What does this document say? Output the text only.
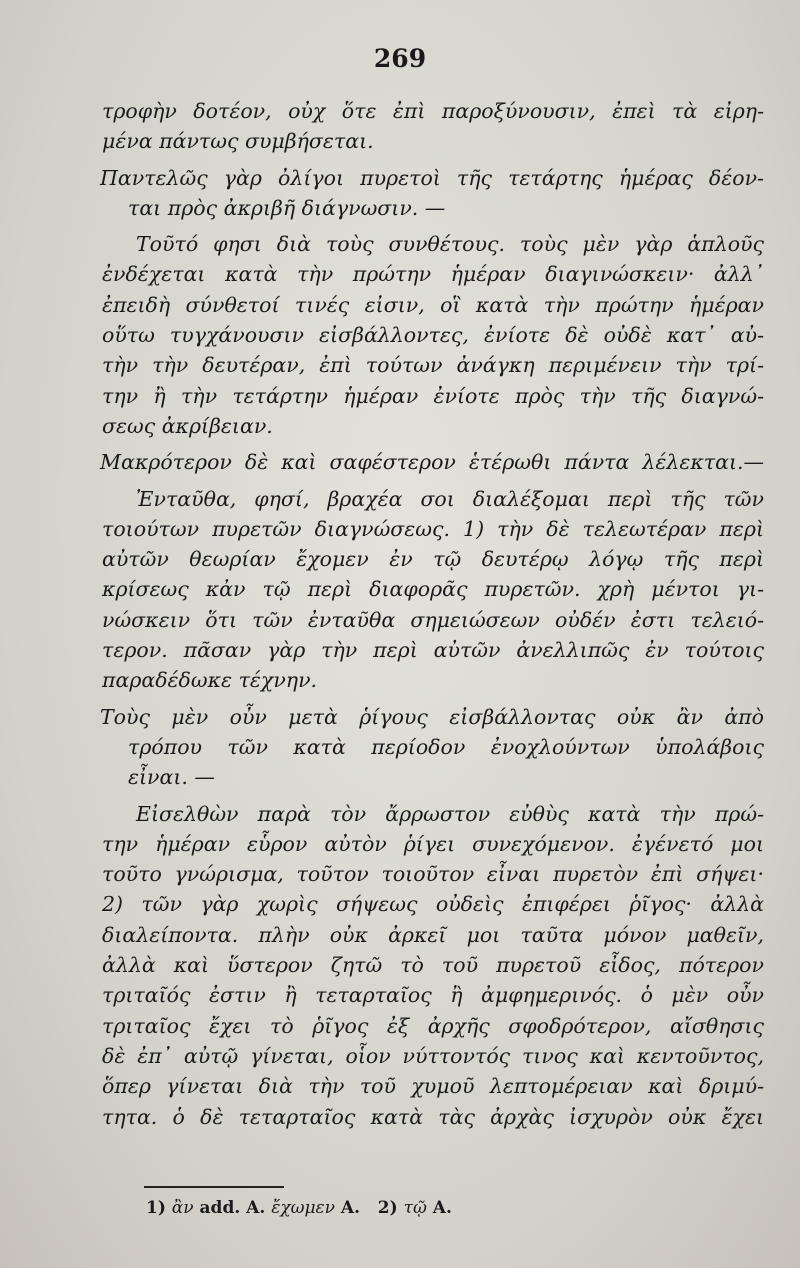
269
τροφὴν δοτέον, οὐχ ὅτε ἐπὶ παροξύνουσιν, ἐπεὶ τὰ εἰρη-
μένα πάντως συμβήσεται.
Παντελῶς γὰρ ὀλίγοι πυρετοὶ τῆς τετάρτης ἡμέρας δέον-
ται πρὸς ἀκριβῆ διάγνωσιν. —
Τοῦτό φησι διὰ τοὺς συνθέτους. τοὺς μὲν γὰρ ἁπλοῦς
ἐνδέχεται κατὰ τὴν πρώτην ἡμέραν διαγινώσκειν· ἀλλ᾽
ἐπειδὴ σύνθετοί τινές εἰσιν, οἳ κατὰ τὴν πρώτην ἡμέραν
οὕτω τυγχάνουσιν εἰσβάλλοντες, ἐνίοτε δὲ οὐδὲ κατ᾽ αὐ-
τὴν τὴν δευτέραν, ἐπὶ τούτων ἀνάγκη περιμένειν τὴν τρί-
την ἢ τὴν τετάρτην ἡμέραν ἐνίοτε πρὸς τὴν τῆς διαγνώ-
σεως ἀκρίβειαν.
Μακρότερον δὲ καὶ σαφέστερον ἑτέρωθι πάντα λέλεκται.—
Ἐνταῦθα, φησί, βραχέα σοι διαλέξομαι περὶ τῆς τῶν
τοιούτων πυρετῶν διαγνώσεως. 1) τὴν δὲ τελεωτέραν περὶ
αὐτῶν θεωρίαν ἔχομεν ἐν τῷ δευτέρῳ λόγῳ τῆς περὶ
κρίσεως κἀν τῷ περὶ διαφορᾶς πυρετῶν. χρὴ μέντοι γι-
νώσκειν ὅτι τῶν ἐνταῦθα σημειώσεων οὐδέν ἐστι τελειό-
τερον. πᾶσαν γὰρ τὴν περὶ αὐτῶν ἀνελλιπῶς ἐν τούτοις
παραδέδωκε τέχνην.
Τοὺς μὲν οὖν μετὰ ῥίγους εἰσβάλλοντας οὐκ ἂν ἀπὸ
τρόπου τῶν κατὰ περίοδον ἐνοχλούντων ὑπολάβοις
εἶναι. —
Εἰσελθὼν παρὰ τὸν ἄρρωστον εὐθὺς κατὰ τὴν πρώ-
την ἡμέραν εὗρον αὐτὸν ῥίγει συνεχόμενον. ἐγένετό μοι
τοῦτο γνώρισμα, τοῦτον τοιοῦτον εἶναι πυρετὸν ἐπὶ σήψει·
2) τῶν γὰρ χωρὶς σήψεως οὐδεὶς ἐπιφέρει ῥῖγος· ἀλλὰ
διαλείποντα. πλὴν οὐκ ἀρκεῖ μοι ταῦτα μόνον μαθεῖν,
ἀλλὰ καὶ ὕστερον ζητῶ τὸ τοῦ πυρετοῦ εἶδος, πότερον
τριταῖός ἐστιν ἢ τεταρταῖος ἢ ἀμφημερινός. ὁ μὲν οὖν
τριταῖος ἔχει τὸ ῥῖγος ἐξ ἀρχῆς σφοδρότερον, αἴσθησις
δὲ ἐπ᾽ αὐτῷ γίνεται, οἷον νύττοντός τινος καὶ κεντοῦντος,
ὅπερ γίνεται διὰ τὴν τοῦ χυμοῦ λεπτομέρειαν καὶ δριμύ-
τητα. ὁ δὲ τεταρταῖος κατὰ τὰς ἀρχὰς ἰσχυρὸν οὐκ ἔχει
1) ἂν add. A. ἔχωμεν A. 2) τῷ A.
